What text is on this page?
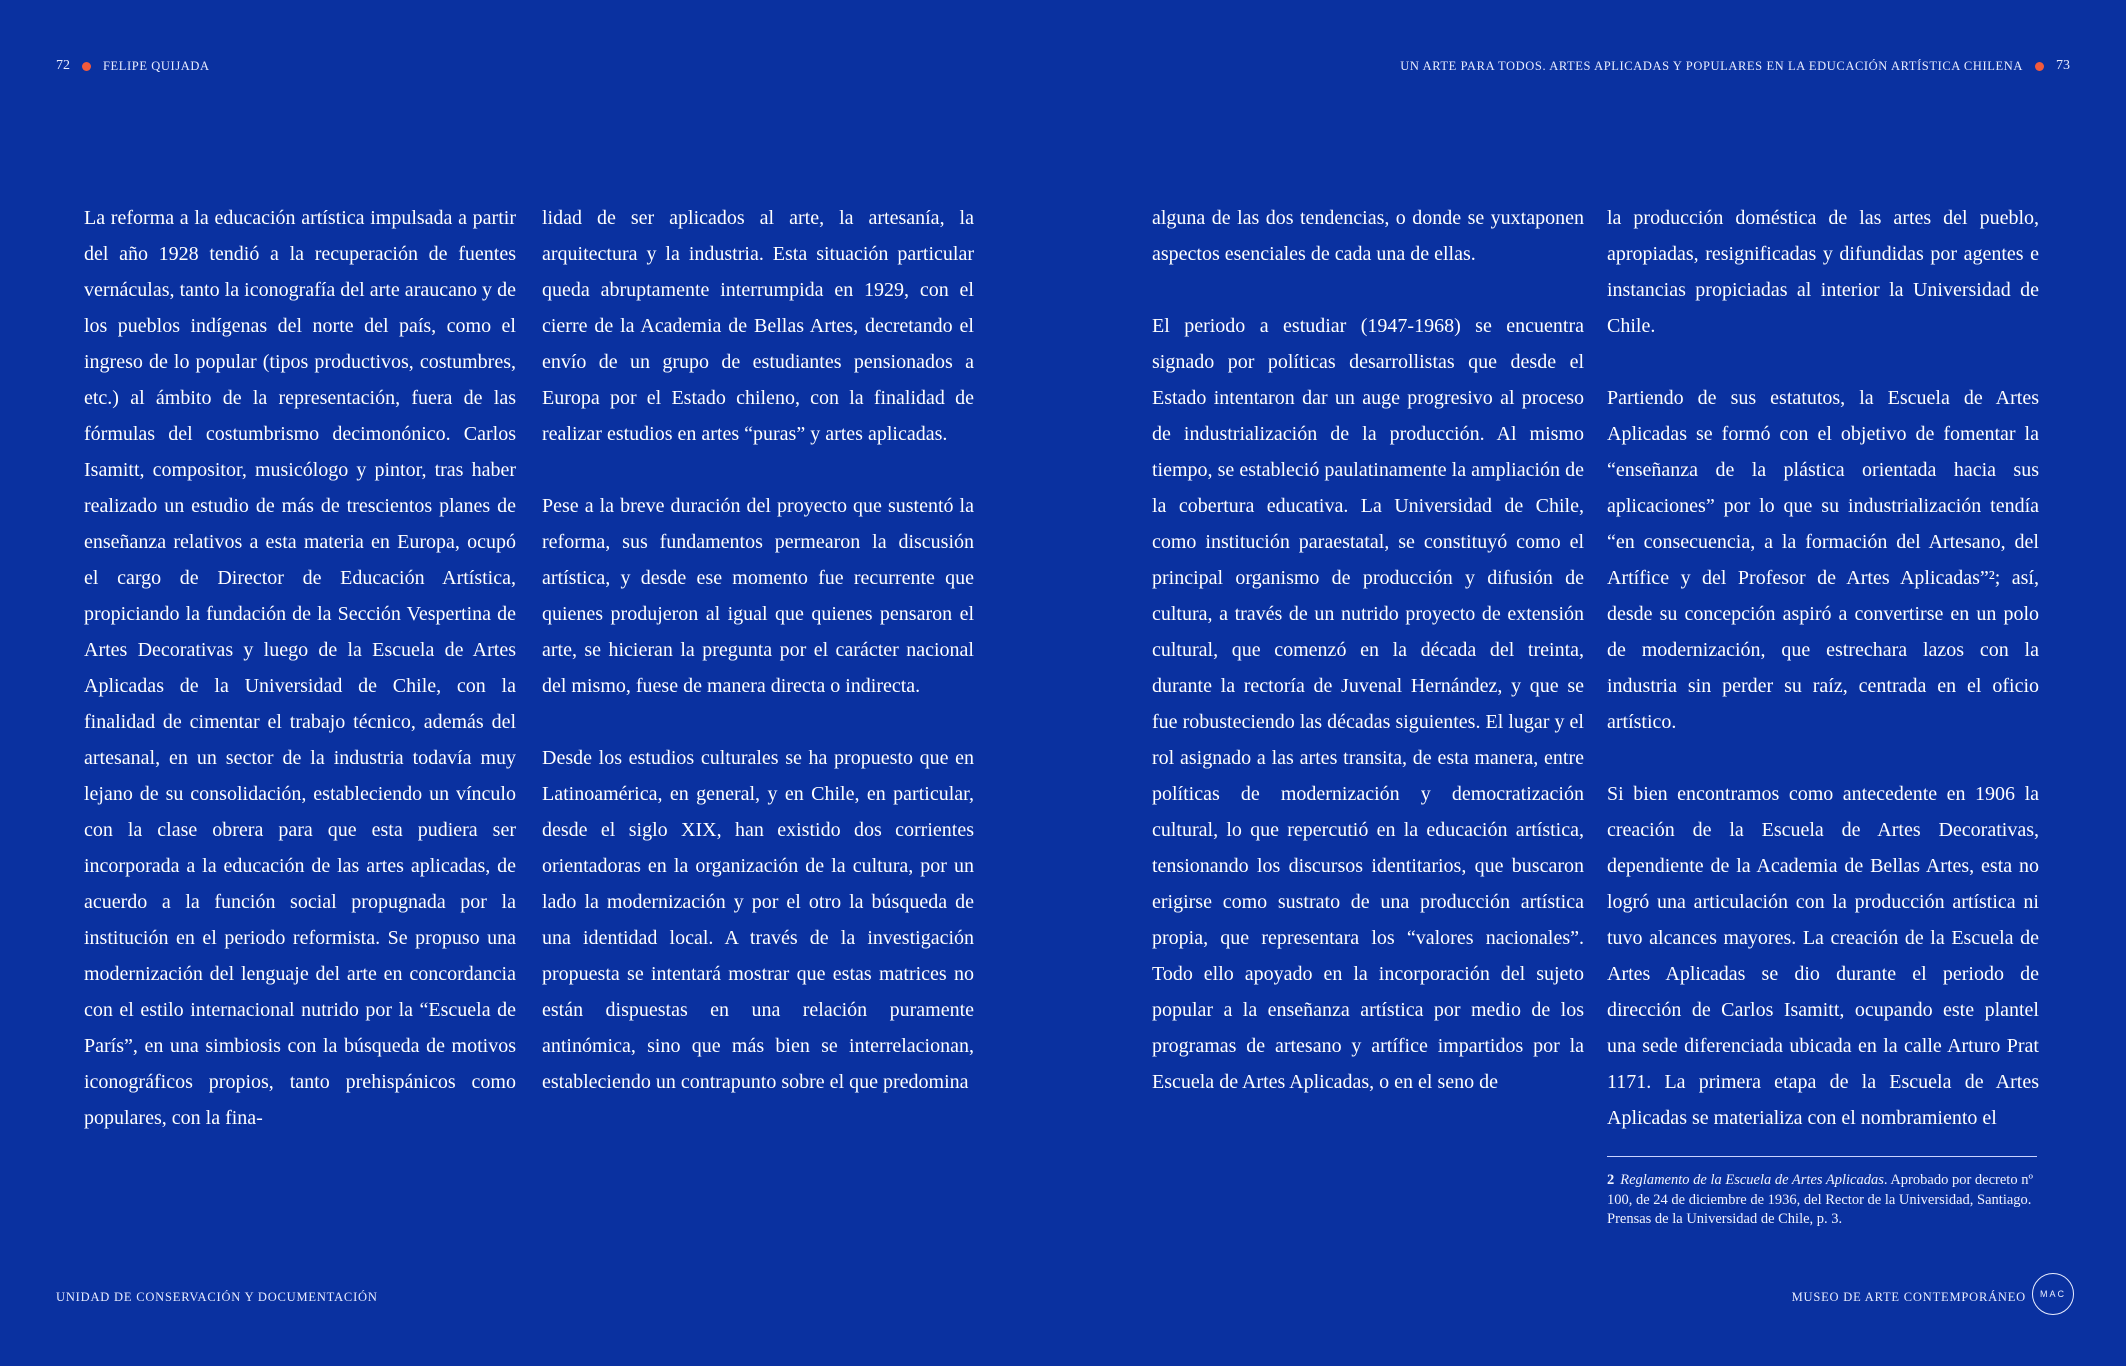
72	FELIPE QUIJADA	UN ARTE PARA TODOS. ARTES APLICADAS Y POPULARES EN LA EDUCACIÓN ARTÍSTICA CHILENA 73

La reforma a la educación artística impulsada a partir del año 1928 tendió a la recuperación de fuentes vernáculas, tanto la iconografía del arte araucano y de los pueblos indígenas del norte del país, como el ingreso de lo popular (tipos productivos, costumbres, etc.) al ámbito de la representación, fuera de las fórmulas del costumbrismo decimonónico. Carlos Isamitt, compositor, musicólogo y pintor, tras haber realizado un estudio de más de trescientos planes de enseñanza relativos a esta materia en Europa, ocupó el cargo de Director de Educación Artística, propiciando la fundación de la Sección Vespertina de Artes Decorativas y luego de la Escuela de Artes Aplicadas de la Universidad de Chile, con la finalidad de cimentar el trabajo técnico, además del artesanal, en un sector de la industria todavía muy lejano de su consolidación, estableciendo un vínculo con la clase obrera para que esta pudiera ser incorporada a la educación de las artes aplicadas, de acuerdo a la función social propugnada por la institución en el periodo reformista. Se propuso una modernización del lenguaje del arte en concordancia con el estilo internacional nutrido por la “Escuela de París”, en una simbiosis con la búsqueda de motivos iconográficos propios, tanto prehispánicos como populares, con la fina-

lidad de ser aplicados al arte, la artesanía, la arquitectura y la industria. Esta situación particular queda abruptamente interrumpida en 1929, con el cierre de la Academia de Bellas Artes, decretando el envío de un grupo de estudiantes pensionados a Europa por el Estado chileno, con la finalidad de realizar estudios en artes “puras” y artes aplicadas.

Pese a la breve duración del proyecto que sustentó la reforma, sus fundamentos permearon la discusión artística, y desde ese momento fue recurrente que quienes produjeron al igual que quienes pensaron el arte, se hicieran la pregunta por el carácter nacional del mismo, fuese de manera directa o indirecta.

Desde los estudios culturales se ha propuesto que en Latinoamérica, en general, y en Chile, en particular, desde el siglo XIX, han existido dos corrientes orientadoras en la organización de la cultura, por un lado la modernización y por el otro la búsqueda de una identidad local. A través de la investigación propuesta se intentará mostrar que estas matrices no están dispuestas en una relación puramente antinómica, sino que más bien se interrelacionan, estableciendo un contrapunto sobre el que predomina

alguna de las dos tendencias, o donde se yuxtaponen aspectos esenciales de cada una de ellas.

El periodo a estudiar (1947-1968) se encuentra signado por políticas desarrollistas que desde el Estado intentaron dar un auge progresivo al proceso de industrialización de la producción. Al mismo tiempo, se estableció paulatinamente la ampliación de la cobertura educativa. La Universidad de Chile, como institución paraestatal, se constituyó como el principal organismo de producción y difusión de cultura, a través de un nutrido proyecto de extensión cultural, que comenzó en la década del treinta, durante la rectoría de Juvenal Hernández, y que se fue robusteciendo las décadas siguientes. El lugar y el rol asignado a las artes transita, de esta manera, entre políticas de modernización y democratización cultural, lo que repercutió en la educación artística, tensionando los discursos identitarios, que buscaron erigirse como sustrato de una producción artística propia, que representara los “valores nacionales”. Todo ello apoyado en la incorporación del sujeto popular a la enseñanza artística por medio de los programas de artesano y artífice impartidos por la Escuela de Artes Aplicadas, o en el seno de

la producción doméstica de las artes del pueblo, apropiadas, resignificadas y difundidas por agentes e instancias propiciadas al interior la Universidad de Chile.

Partiendo de sus estatutos, la Escuela de Artes Aplicadas se formó con el objetivo de fomentar la “enseñanza de la plástica orientada hacia sus aplicaciones” por lo que su industrialización tendía “en consecuencia, a la formación del Artesano, del Artífice y del Profesor de Artes Aplicadas”²; así, desde su concepción aspiró a convertirse en un polo de modernización, que estrechara lazos con la industria sin perder su raíz, centrada en el oficio artístico.

Si bien encontramos como antecedente en 1906 la creación de la Escuela de Artes Decorativas, dependiente de la Academia de Bellas Artes, esta no logró una articulación con la producción artística ni tuvo alcances mayores. La creación de la Escuela de Artes Aplicadas se dio durante el periodo de dirección de Carlos Isamitt, ocupando este plantel una sede diferenciada ubicada en la calle Arturo Prat 1171. La primera etapa de la Escuela de Artes Aplicadas se materializa con el nombramiento el

2 Reglamento de la Escuela de Artes Aplicadas. Aprobado por decreto nº 100, de 24 de diciembre de 1936, del Rector de la Universidad, Santiago. Prensas de la Universidad de Chile, p. 3.
UNIDAD DE CONSERVACIÓN Y DOCUMENTACIÓN	MUSEO DE ARTE CONTEMPORÁNEO MAC
